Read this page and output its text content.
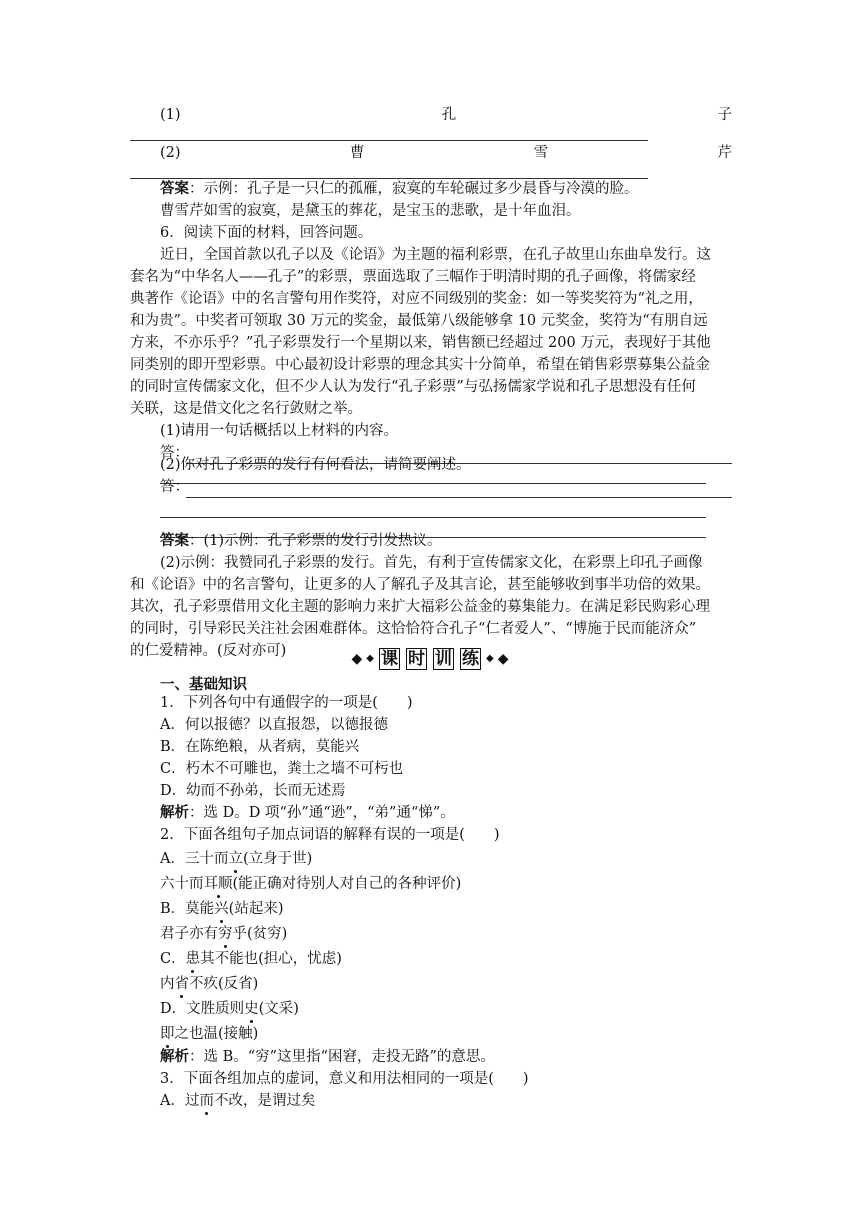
(1)	孔	子
(2)	曹	雪	芹
答案：示例：孔子是一只仁的孤雁，寂寞的车轮碾过多少晨昏与冷漠的脸。
曹雪芹如雪的寂寞，是黛玉的葬花，是宝玉的悲歌，是十年血泪。
6．阅读下面的材料，回答问题。
近日，全国首款以孔子以及《论语》为主题的福利彩票，在孔子故里山东曲阜发行。这
套名为“中华名人——孔子”的彩票，票面选取了三幅作于明清时期的孔子画像，将儒家经
典著作《论语》中的名言警句用作奖符，对应不同级别的奖金：如一等奖奖符为“礼之用，
和为贵”。中奖者可领取 30 万元的奖金，最低第八级能够拿 10 元奖金，奖符为“有朋自远
方来，不亦乐乎？”孔子彩票发行一个星期以来，销售额已经超过 200 万元，表现好于其他
同类别的即开型彩票。中心最初设计彩票的理念其实十分简单，希望在销售彩票募集公益金
的同时宣传儒家文化，但不少人认为发行“孔子彩票”与弘扬儒家学说和孔子思想没有任何
关联，这是借文化之名行敛财之举。
(1)请用一句话概括以上材料的内容。
答：
(2)你对孔子彩票的发行有何看法，请简要阐述。
答：
答案：(1)示例：孔子彩票的发行引发热议。
(2)示例：我赞同孔子彩票的发行。首先，有利于宣传儒家文化，在彩票上印孔子画像
和《论语》中的名言警句，让更多的人了解孔子及其言论，甚至能够收到事半功倍的效果。
其次，孔子彩票借用文化主题的影响力来扩大福彩公益金的募集能力。在满足彩民购彩心理
的同时，引导彩民关注社会困难群体。这恰恰符合孔子“仁者爱人”、“博施于民而能济众”
的仁爱精神。(反对亦可)	◆ ◆ 课 时 训 练 ◆ ◆
一、基础知识
1．下列各句中有通假字的一项是(　　)
A．何以报德？以直报怨，以德报德
B．在陈绝粮，从者病，莫能兴
C．朽木不可雕也，粪土之墙不可杇也
D．幼而不孙弟，长而无述焉
解析：选 D。D 项“孙”通“逊”，“弟”通“悌”。
2．下面各组句子加点词语的解释有误的一项是(　　)
A．三十而立(立身于世)
六十而耳顺(能正确对待别人对自己的各种评价)
B．莫能兴(站起来)
君子亦有穷乎(贫穷)
C．患其不能也(担心，忧虑)
内省不疚(反省)
D．文胜质则史(文采)
即之也温(接触)
解析：选 B。“穷”这里指“困窘，走投无路”的意思。
3．下面各组加点的虚词，意义和用法相同的一项是(　　)
A．过而不改，是谓过矣
